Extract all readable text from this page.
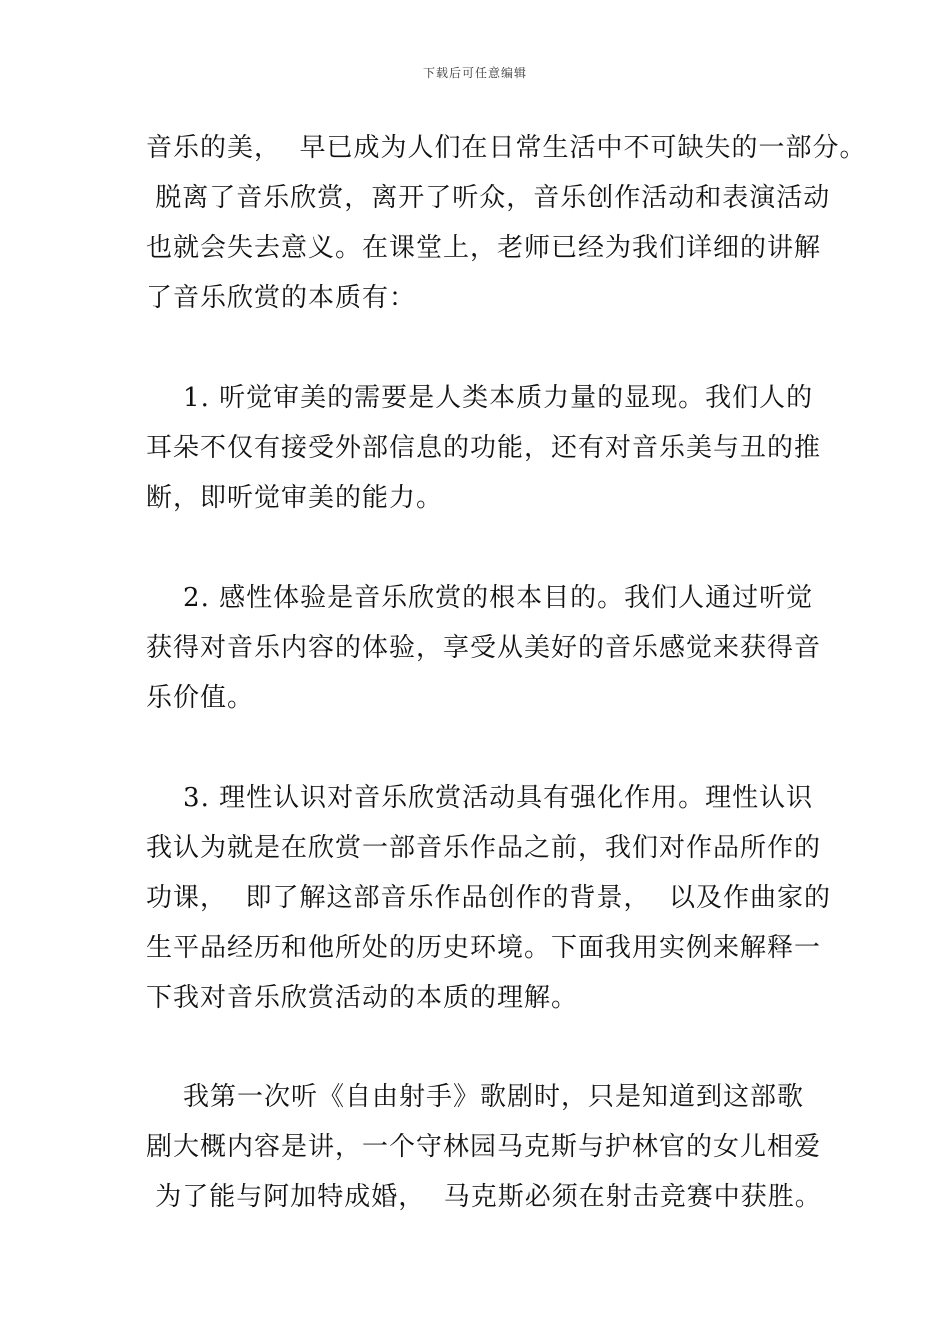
下载后可任意编辑
音乐的美，  早已成为人们在日常生活中不可缺失的一部分。
脱离了音乐欣赏，离开了听众，音乐创作活动和表演活动
也就会失去意义。在课堂上，老师已经为我们详细的讲解
了音乐欣赏的本质有：
1. 听觉审美的需要是人类本质力量的显现。我们人的
耳朵不仅有接受外部信息的功能，还有对音乐美与丑的推
断，即听觉审美的能力。
2. 感性体验是音乐欣赏的根本目的。我们人通过听觉
获得对音乐内容的体验，享受从美好的音乐感觉来获得音
乐价值。
3. 理性认识对音乐欣赏活动具有强化作用。理性认识
我认为就是在欣赏一部音乐作品之前，我们对作品所作的
功课，  即了解这部音乐作品创作的背景，  以及作曲家的
生平品经历和他所处的历史环境。下面我用实例来解释一
下我对音乐欣赏活动的本质的理解。
我第一次听《自由射手》歌剧时，只是知道到这部歌
剧大概内容是讲，一个守林园马克斯与护林官的女儿相爱
为了能与阿加特成婚，  马克斯必须在射击竞赛中获胜。
